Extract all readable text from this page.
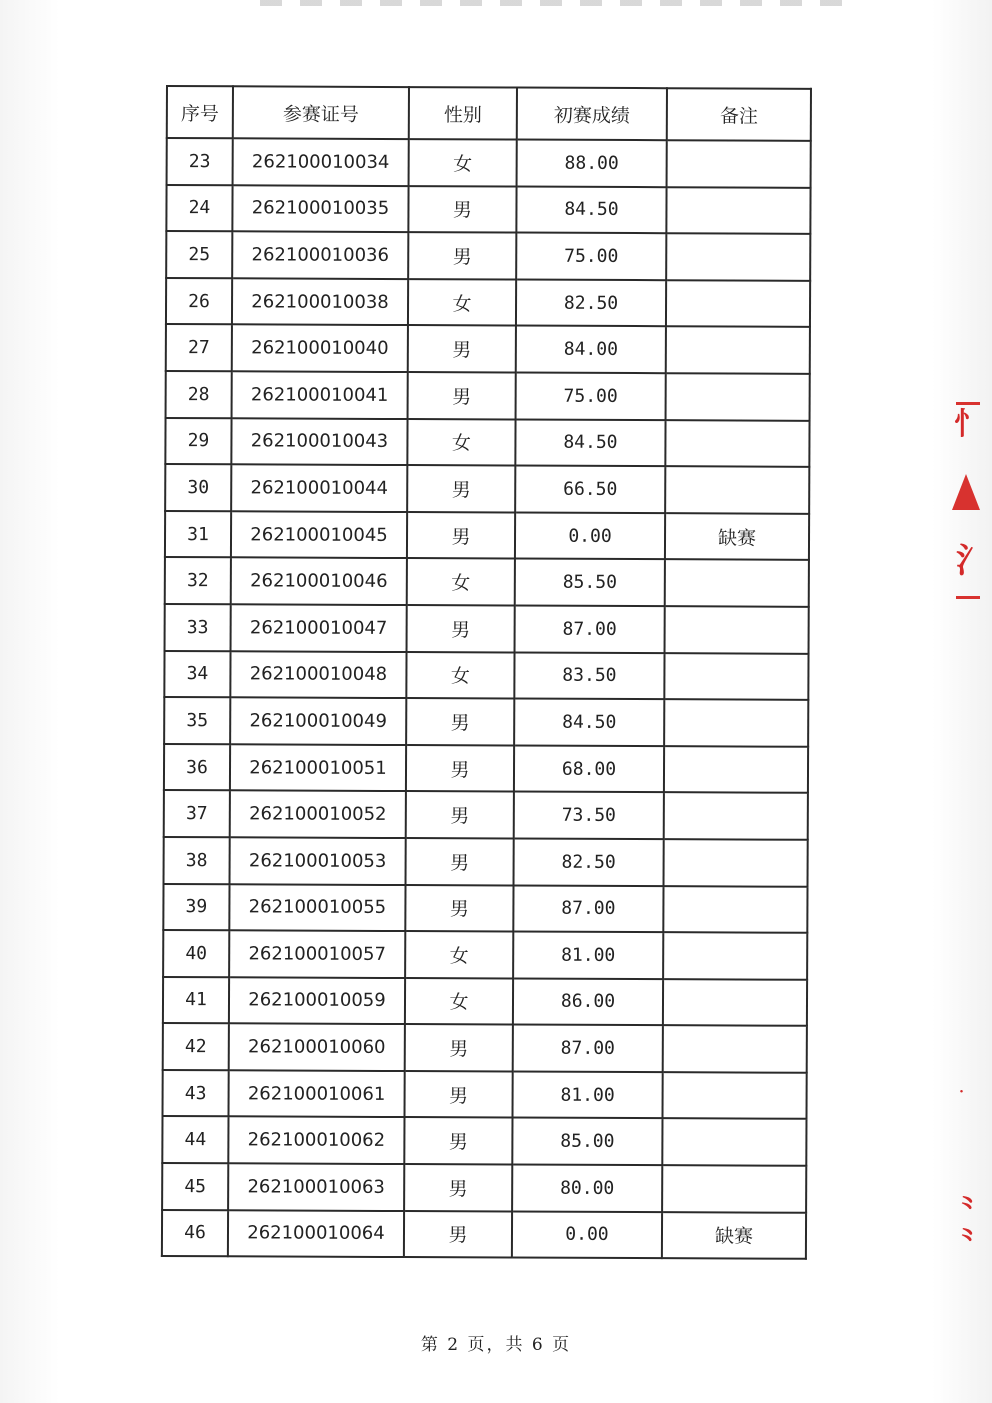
序号	参赛证号	性别	初赛成绩	备注
23	262100010034	女	88.00	
24	262100010035	男	84.50	
25	262100010036	男	75.00	
26	262100010038	女	82.50	
27	262100010040	男	84.00	
28	262100010041	男	75.00	
29	262100010043	女	84.50	
30	262100010044	男	66.50	
31	262100010045	男	0.00	缺赛
32	262100010046	女	85.50	
33	262100010047	男	87.00	
34	262100010048	女	83.50	
35	262100010049	男	84.50	
36	262100010051	男	68.00	
37	262100010052	男	73.50	
38	262100010053	男	82.50	
39	262100010055	男	87.00	
40	262100010057	女	81.00	
41	262100010059	女	86.00	
42	262100010060	男	87.00	
43	262100010061	男	81.00	
44	262100010062	男	85.00	
45	262100010063	男	80.00	
46	262100010064	男	0.00	缺赛
第 2 页，共 6 页
⺖
⺡
˙
⺀
⺀
